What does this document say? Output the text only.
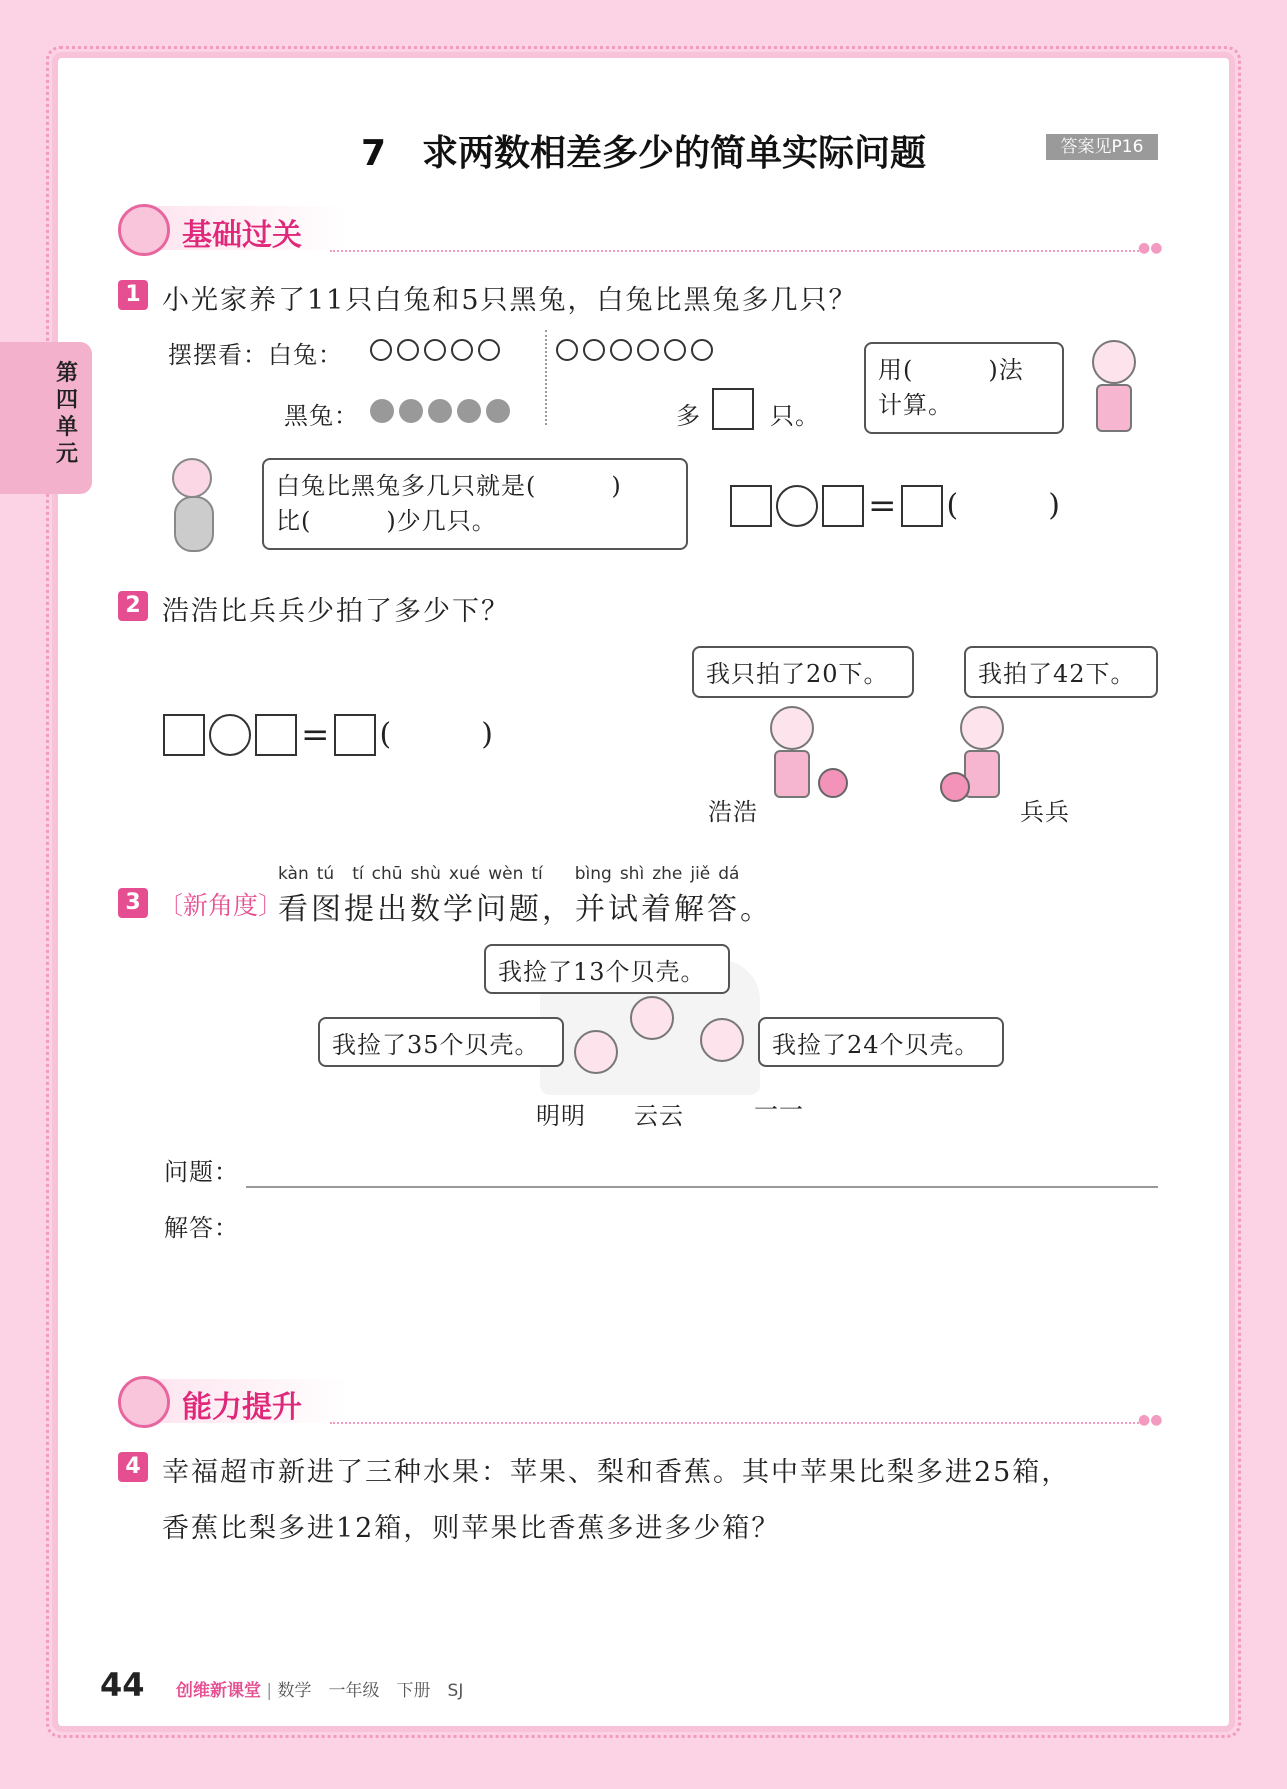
第四单元
7　求两数相差多少的简单实际问题	答案见P16
基础过关	●●
1 小光家养了11只白兔和5只黑兔，白兔比黑兔多几只？
摆摆看：白兔：
黑兔：	多	只。
用(　　　)法
计算。
白兔比黑兔多几只就是(　　　)
比(　　　)少几只。	= (　　　)
2 浩浩比兵兵少拍了多少下？
= (　　　)
我只拍了20下。	我拍了42下。
浩浩	兵兵
kàn tú tí chū shù xué wèn tí bìng shì zhe jiě dá
3 〔新角度〕
看图提出数学问题，并试着解答。
我捡了13个贝壳。
我捡了35个贝壳。	我捡了24个贝壳。
明明 云云	一一
问题：
解答：
能力提升	●●
4 幸福超市新进了三种水果：苹果、梨和香蕉。其中苹果比梨多进25箱，
香蕉比梨多进12箱，则苹果比香蕉多进多少箱？
44 创维新课堂 | 数学　一年级　下册　SJ
